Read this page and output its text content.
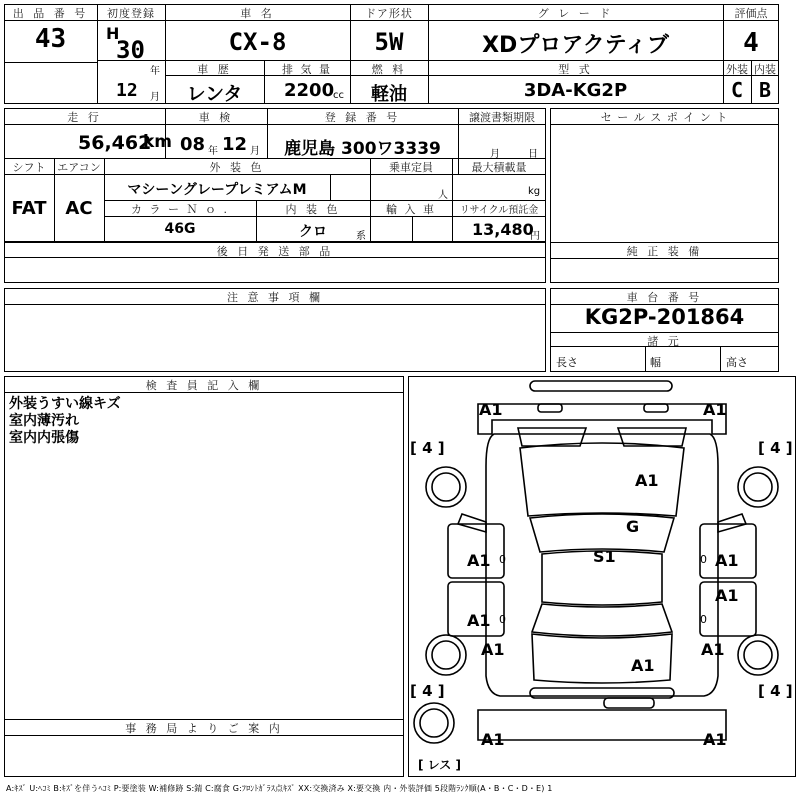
出 品 番 号
43
初度登録
H
30
年
12 月
車 名
CX-8
ドア形状
5W
グ レ ー ド
XDプロアクティブ
評価点
4
車 歴
レンタ
排 気 量
2200
cc
燃 料
軽油
型 式
3DA-KG2P
外装 内装
C B
走 行
56,462
km
車 検
08 年 12 月
登 録 番 号
鹿児島 300ワ3339
譲渡書類期限
月	日
シフト
FAT
エアコン
AC
外 装 色
マシーングレープレミアムM
乗車定員
人
最大積載量
kg
カ ラ ー Ｎ ｏ .
46G
内 装 色
クロ	系
輸 入 車	リサイクル預託金
13,480
円
セ ー ル ス ポ イ ン ト
純 正 装 備
後 日 発 送 部 品
注 意 事 項 欄	車 台 番 号
KG2P-201864
諸 元
長さ	幅	高さ
検 査 員 記 入 欄
外装うすい線キズ
室内薄汚れ
室内内張傷
事 務 局 よ り ご 案 内
A1	A1
A1
G
A1	S1	A1
A1
A1
A1	A1
A1
A1	A1
0	0
0	0
[ 4 ]	[ 4 ]
[ 4 ]	[ 4 ]
[ レス ]
A:ｷｽﾞ U:ﾍｺﾐ B:ｷｽﾞを伴うﾍｺﾐ P:要塗装 W:補修跡 S:錆 C:腐食 G:ﾌﾛﾝﾄｶﾞﾗｽ点ｷｽﾞ XX:交換済み X:要交換 内・外装評価 5段階ﾗﾝｸ順(A・B・C・D・E) 1
